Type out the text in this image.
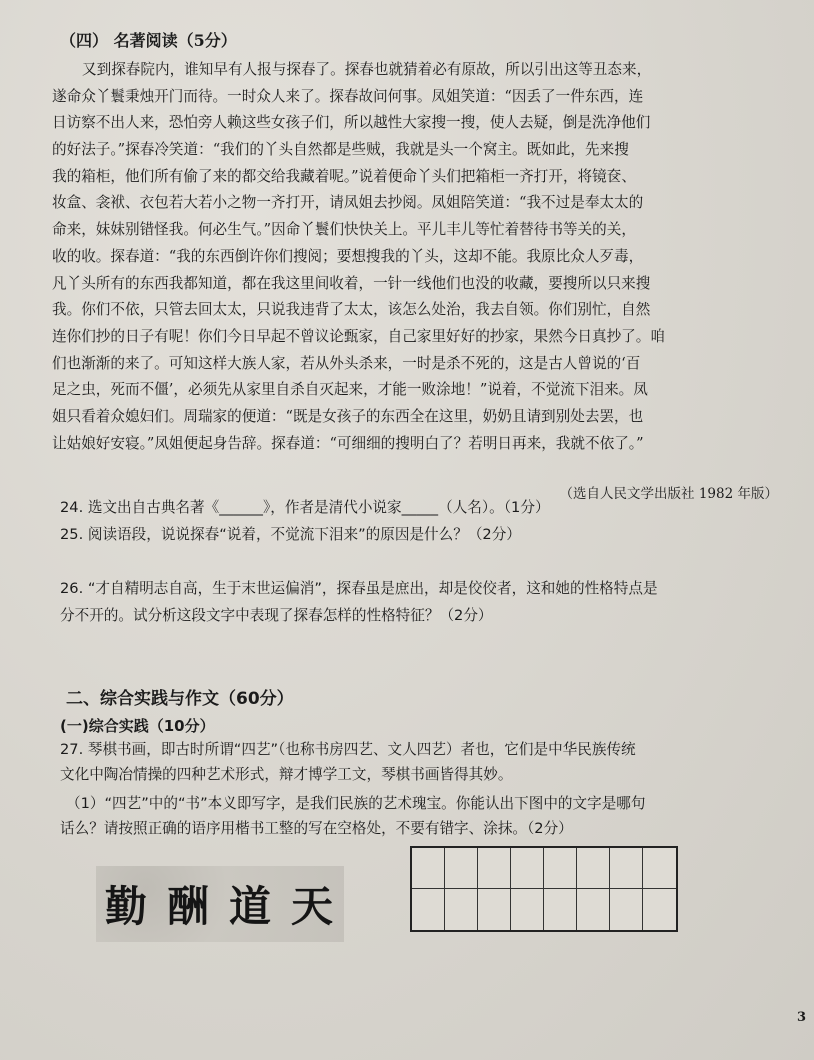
（四） 名著阅读（5分）

又到探春院内，谁知早有人报与探春了。探春也就猜着必有原故，所以引出这等丑态来，
遂命众丫鬟秉烛开门而待。一时众人来了。探春故问何事。凤姐笑道：“因丢了一件东西，连
日访察不出人来，恐怕旁人赖这些女孩子们，所以越性大家搜一搜，使人去疑，倒是洗净他们
的好法子。”探春冷笑道：“我们的丫头自然都是些贼，我就是头一个窝主。既如此，先来搜
我的箱柜，他们所有偷了来的都交给我藏着呢。”说着便命丫头们把箱柜一齐打开，将镜奁、
妆盒、衾袱、衣包若大若小之物一齐打开，请凤姐去抄阅。凤姐陪笑道：“我不过是奉太太的
命来，妹妹别错怪我。何必生气。”因命丫鬟们快快关上。平儿丰儿等忙着替待书等关的关，
收的收。探春道：“我的东西倒许你们搜阅；要想搜我的丫头，这却不能。我原比众人歹毒，
凡丫头所有的东西我都知道，都在我这里间收着，一针一线他们也没的收藏，要搜所以只来搜
我。你们不依，只管去回太太，只说我违背了太太，该怎么处治，我去自领。你们别忙，自然
连你们抄的日子有呢！你们今日早起不曾议论甄家，自己家里好好的抄家，果然今日真抄了。咱
们也渐渐的来了。可知这样大族人家，若从外头杀来，一时是杀不死的，这是古人曾说的‘百
足之虫，死而不僵’，必须先从家里自杀自灭起来，才能一败涂地！”说着，不觉流下泪来。凤
姐只看着众媳妇们。周瑞家的便道：“既是女孩子的东西全在这里，奶奶且请到别处去罢，也
让姑娘好安寝。”凤姐便起身告辞。探春道：“可细细的搜明白了？若明日再来，我就不依了。”

（选自人民文学出版社 1982 年版）

24. 选文出自古典名著《______》，作者是清代小说家_____（人名）。（1分）
25. 阅读语段，说说探春“说着，不觉流下泪来”的原因是什么？（2分）
26. “才自精明志自高，生于末世运偏消”，探春虽是庶出，却是佼佼者，这和她的性格特点是
分不开的。试分析这段文字中表现了探春怎样的性格特征？（2分）

二、综合实践与作文（60分）

(一)综合实践（10分）

27. 琴棋书画，即古时所谓“四艺”（也称书房四艺、文人四艺）者也，它们是中华民族传统
文化中陶冶情操的四种艺术形式，辩才博学工文，琴棋书画皆得其妙。
（1）“四艺”中的“书”本义即写字，是我们民族的艺术瑰宝。你能认出下图中的文字是哪句
话么？请按照正确的语序用楷书工整的写在空格处，不要有错字、涂抹。（2分）
勤 酬 道 天

3
